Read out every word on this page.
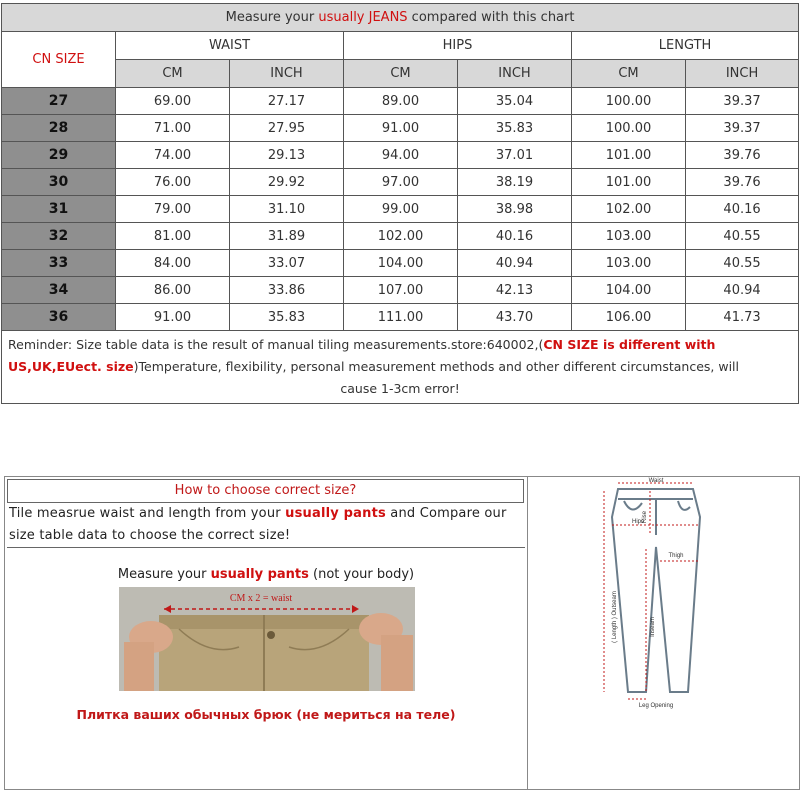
Measure your usually JEANS compared with this chart						
CN SIZE	WAIST		HIPS		LENGTH	
	CM	INCH	CM	INCH	CM	INCH
27	69.00	27.17	89.00	35.04	100.00	39.37
28	71.00	27.95	91.00	35.83	100.00	39.37
29	74.00	29.13	94.00	37.01	101.00	39.76
30	76.00	29.92	97.00	38.19	101.00	39.76
31	79.00	31.10	99.00	38.98	102.00	40.16
32	81.00	31.89	102.00	40.16	103.00	40.55
33	84.00	33.07	104.00	40.94	103.00	40.55
34	86.00	33.86	107.00	42.13	104.00	40.94
36	91.00	35.83	111.00	43.70	106.00	41.73
Reminder: Size table data is the result of manual tiling measurements.store:640002,(CN SIZE is different with US,UK,EUect. size)Temperature, flexibility, personal measurement methods and other different circumstances, will
cause 1-3cm error!						
How to choose correct size?
Tile measrue waist and length from your usually pants and Compare our size table data to choose the correct size!
Measure your usually pants (not your body)
CM x 2 = waist
Плитка ваших обычных брюк (не мериться на теле)
Waist
Hips
Thigh
Leg Opening
Rise
( Length ) Outseam	Inseam
